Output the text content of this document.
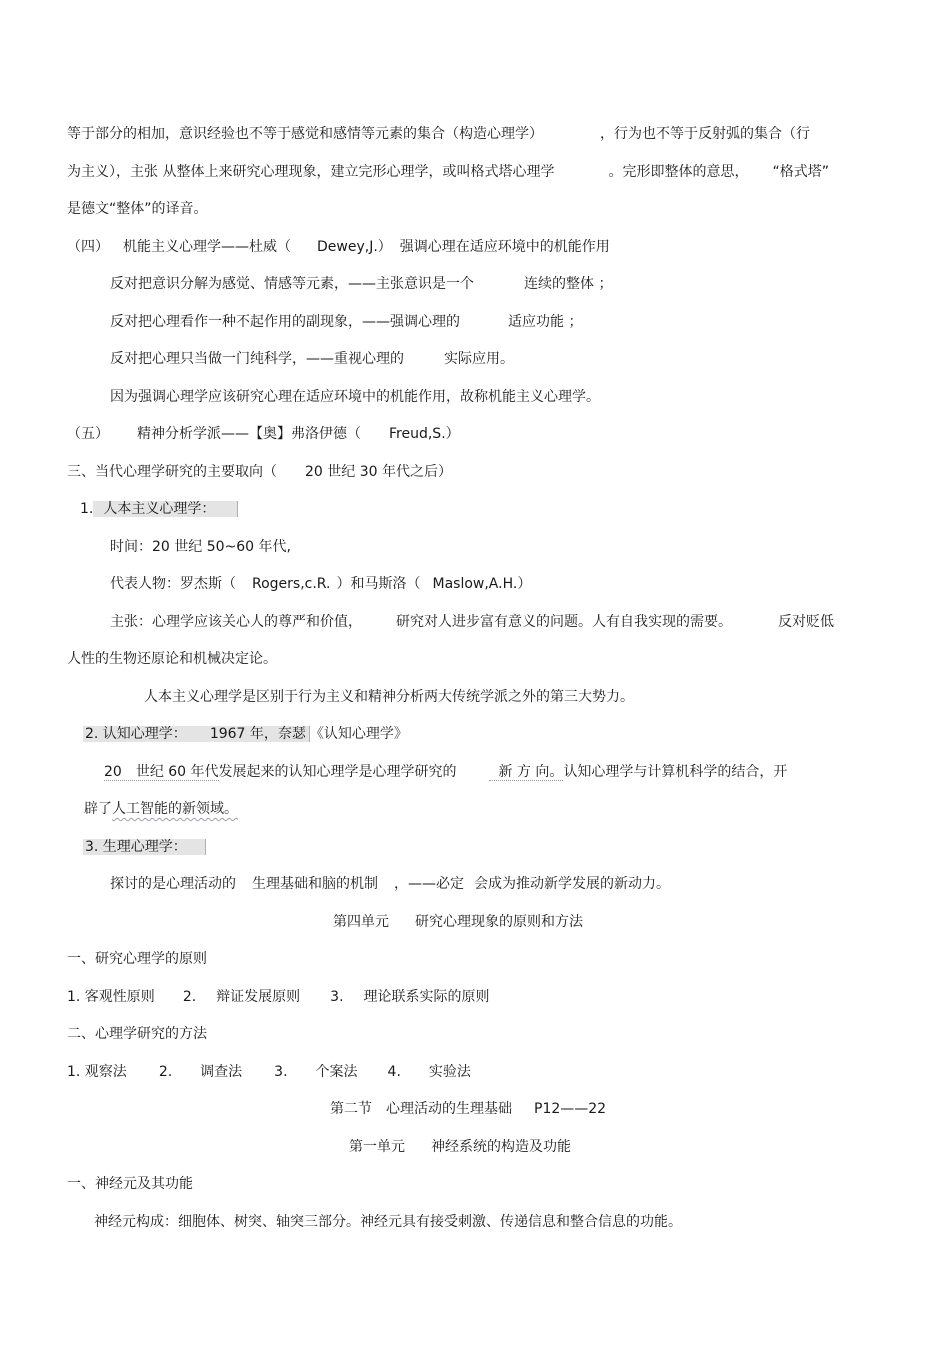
等于部分的相加，意识经验也不等于感觉和感情等元素的集合（构造心理学）	，行为也不等于反射弧的集合（行
为主义），主张 从整体上来研究心理现象，建立完形心理学，或叫格式塔心理学	。完形即整体的意思， “格式塔”
是德文“整体”的译音。
（四） 机能主义心理学——杜威（ Dewey,J.） 强调心理在适应环境中的机能作用
反对把意识分解为感觉、情感等元素，——主张意识是一个	连续的整体 ；
反对把心理看作一种不起作用的副现象，——强调心理的	适应功能 ；
反对把心理只当做一门纯科学，——重视心理的	实际应用。
因为强调心理学应该研究心理在适应环境中的机能作用，故称机能主义心理学。
（五） 精神分析学派——【奥】弗洛伊德（ Freud,S.）
三、当代心理学研究的主要取向（ 20 世纪 30 年代之后）
1. 人本主义心理学：
时间：20 世纪 50~60 年代,
代表人物：罗杰斯（ Rogers,c.R. ）和马斯洛（ Maslow,A.H.）
主张：心理学应该关心人的尊严和价值， 研究对人进步富有意义的问题。人有自我实现的需要。	反对贬低
人性的生物还原论和机械决定论。
人本主义心理学是区别于行为主义和精神分析两大传统学派之外的第三大势力。
2. 认知心理学： 1967 年，奈瑟 《认知心理学》
20　世纪 60 年代发展起来的认知心理学是心理学研究的	新 方 向。认知心理学与计算机科学的结合，开
辟了人工智能的新领域。
3. 生理心理学：
探讨的是心理活动的 生理基础和脑的机制 ，——必定 会成为推动新学发展的新动力。
第四单元 研究心理现象的原则和方法
一、研究心理学的原则
1. 客观性原则 2. 辩证发展原则 3. 理论联系实际的原则
二、心理学研究的方法
1. 观察法 2. 调查法 3. 个案法 4. 实验法
第二节 心理活动的生理基础 P12——22
第一单元 神经系统的构造及功能
一、神经元及其功能
神经元构成：细胞体、树突、轴突三部分。神经元具有接受刺激、传递信息和整合信息的功能。
